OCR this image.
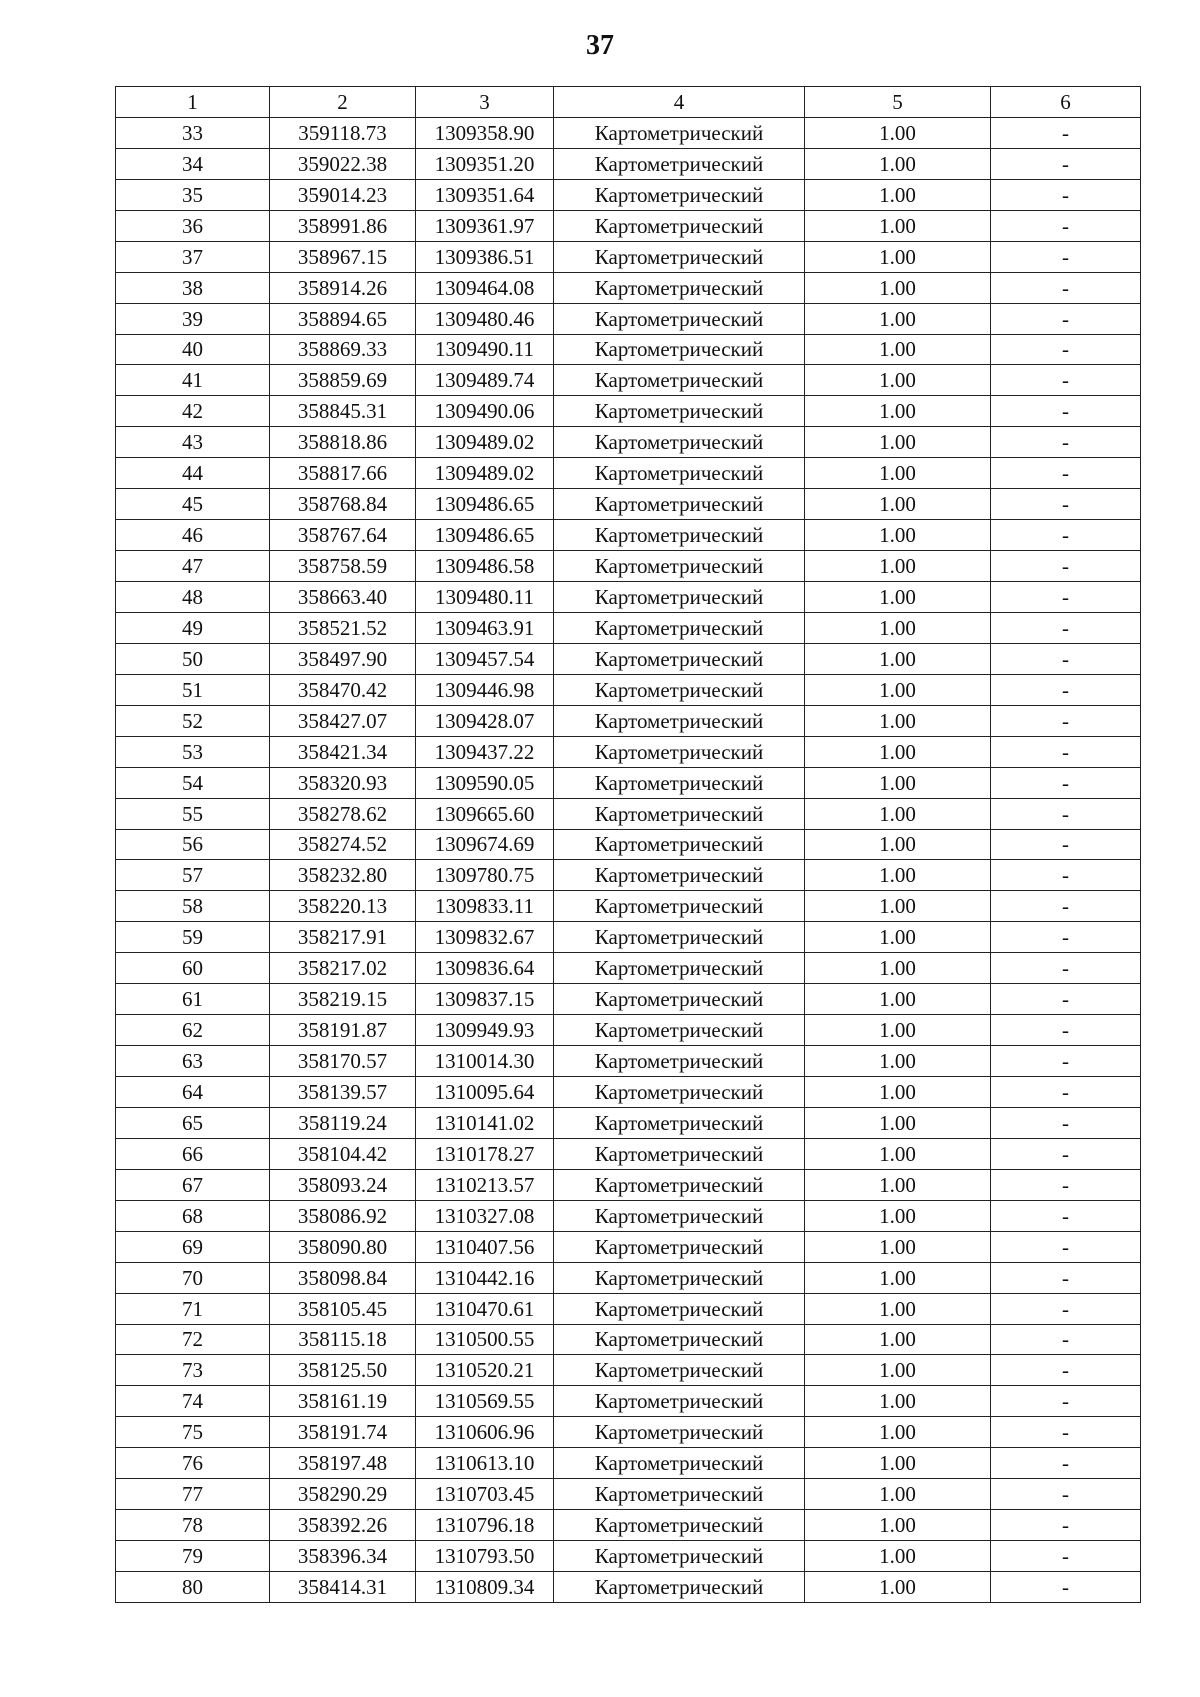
37
1	2	3	4	5	6
33	359118.73	1309358.90	Картометрический	1.00	-
34	359022.38	1309351.20	Картометрический	1.00	-
35	359014.23	1309351.64	Картометрический	1.00	-
36	358991.86	1309361.97	Картометрический	1.00	-
37	358967.15	1309386.51	Картометрический	1.00	-
38	358914.26	1309464.08	Картометрический	1.00	-
39	358894.65	1309480.46	Картометрический	1.00	-
40	358869.33	1309490.11	Картометрический	1.00	-
41	358859.69	1309489.74	Картометрический	1.00	-
42	358845.31	1309490.06	Картометрический	1.00	-
43	358818.86	1309489.02	Картометрический	1.00	-
44	358817.66	1309489.02	Картометрический	1.00	-
45	358768.84	1309486.65	Картометрический	1.00	-
46	358767.64	1309486.65	Картометрический	1.00	-
47	358758.59	1309486.58	Картометрический	1.00	-
48	358663.40	1309480.11	Картометрический	1.00	-
49	358521.52	1309463.91	Картометрический	1.00	-
50	358497.90	1309457.54	Картометрический	1.00	-
51	358470.42	1309446.98	Картометрический	1.00	-
52	358427.07	1309428.07	Картометрический	1.00	-
53	358421.34	1309437.22	Картометрический	1.00	-
54	358320.93	1309590.05	Картометрический	1.00	-
55	358278.62	1309665.60	Картометрический	1.00	-
56	358274.52	1309674.69	Картометрический	1.00	-
57	358232.80	1309780.75	Картометрический	1.00	-
58	358220.13	1309833.11	Картометрический	1.00	-
59	358217.91	1309832.67	Картометрический	1.00	-
60	358217.02	1309836.64	Картометрический	1.00	-
61	358219.15	1309837.15	Картометрический	1.00	-
62	358191.87	1309949.93	Картометрический	1.00	-
63	358170.57	1310014.30	Картометрический	1.00	-
64	358139.57	1310095.64	Картометрический	1.00	-
65	358119.24	1310141.02	Картометрический	1.00	-
66	358104.42	1310178.27	Картометрический	1.00	-
67	358093.24	1310213.57	Картометрический	1.00	-
68	358086.92	1310327.08	Картометрический	1.00	-
69	358090.80	1310407.56	Картометрический	1.00	-
70	358098.84	1310442.16	Картометрический	1.00	-
71	358105.45	1310470.61	Картометрический	1.00	-
72	358115.18	1310500.55	Картометрический	1.00	-
73	358125.50	1310520.21	Картометрический	1.00	-
74	358161.19	1310569.55	Картометрический	1.00	-
75	358191.74	1310606.96	Картометрический	1.00	-
76	358197.48	1310613.10	Картометрический	1.00	-
77	358290.29	1310703.45	Картометрический	1.00	-
78	358392.26	1310796.18	Картометрический	1.00	-
79	358396.34	1310793.50	Картометрический	1.00	-
80	358414.31	1310809.34	Картометрический	1.00	-
